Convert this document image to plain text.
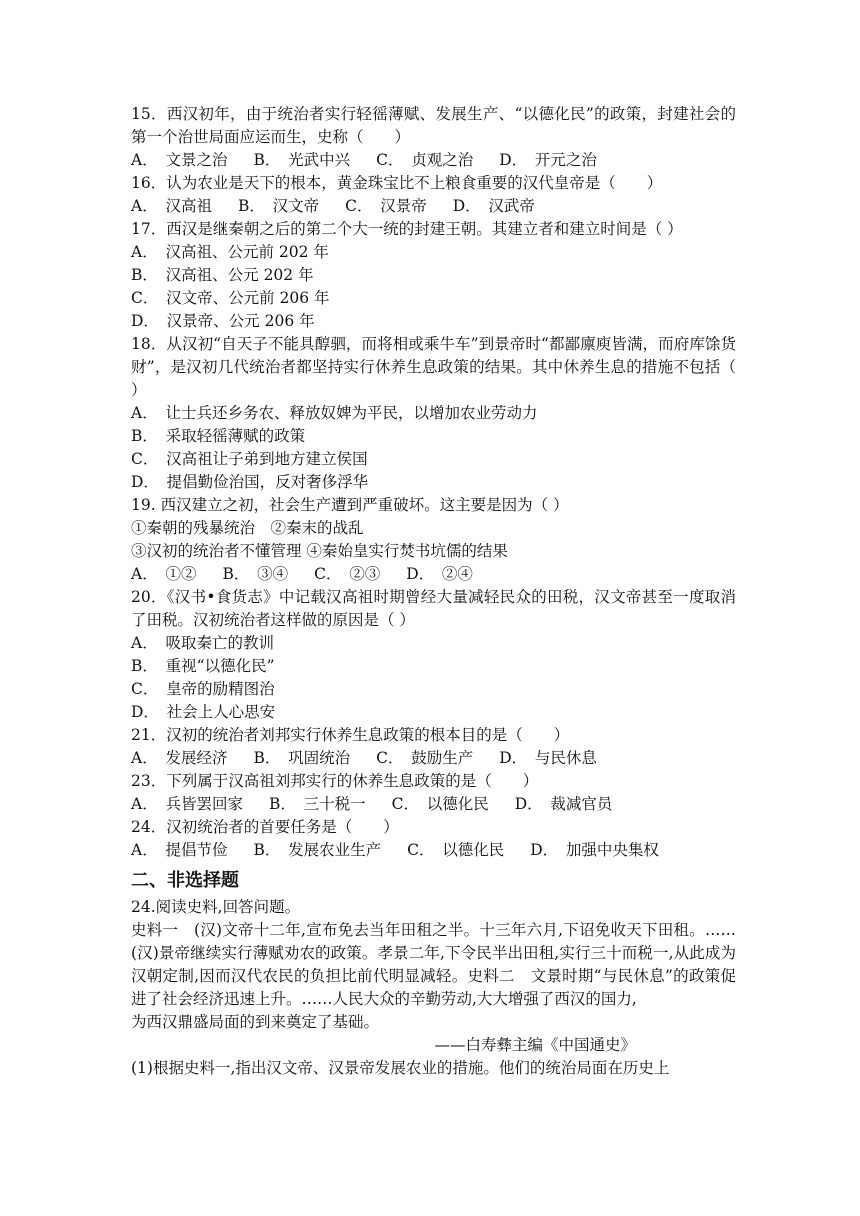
15．西汉初年，由于统治者实行轻徭薄赋、发展生产、“以德化民”的政策，封建社会的第一个治世局面应运而生，史称（　　）
A．　文景之治 B．　光武中兴 C．　贞观之治 D．　开元之治
16．认为农业是天下的根本，黄金珠宝比不上粮食重要的汉代皇帝是（　　）
A．　汉高祖 B．　汉文帝 C．　汉景帝 D．　汉武帝
17．西汉是继秦朝之后的第二个大一统的封建王朝。其建立者和建立时间是（ ）
A．　汉高祖、公元前 202 年
B．　汉高祖、公元 202 年
C．　汉文帝、公元前 206 年
D．　汉景帝、公元 206 年
18．从汉初“自天子不能具醇驷，而将相或乘牛车”到景帝时“都鄙廪庾皆满，而府库馀货财”，是汉初几代统治者都坚持实行休养生息政策的结果。其中休养生息的措施不包括（ ）
A．　让士兵还乡务农、释放奴婢为平民，以增加农业劳动力
B．　采取轻徭薄赋的政策
C．　汉高祖让子弟到地方建立侯国
D．　提倡勤俭治国，反对奢侈浮华
19. 西汉建立之初，社会生产遭到严重破坏。这主要是因为（ ）
①秦朝的残暴统治　②秦末的战乱
③汉初的统治者不懂管理 ④秦始皇实行焚书坑儒的结果
A．　①② B．　③④ C．　②③ D．　②④
20．《汉书•食货志》中记载汉高祖时期曾经大量减轻民众的田税，汉文帝甚至一度取消了田税。汉初统治者这样做的原因是（ ）
A．　吸取秦亡的教训
B．　重视“以德化民”
C．　皇帝的励精图治
D．　社会上人心思安
21．汉初的统治者刘邦实行休养生息政策的根本目的是（　　）
A．　发展经济 B．　巩固统治 C．　鼓励生产 D．　与民休息
23．下列属于汉高祖刘邦实行的休养生息政策的是（　　）
A．　兵皆罢回家 B．　三十税一 C．　以德化民 D．　裁减官员
24．汉初统治者的首要任务是（　　）
A．　提倡节俭 B．　发展农业生产 C．　以德化民 D．　加强中央集权
二、非选择题
24.阅读史料,回答问题。
史料一　(汉)文帝十二年,宣布免去当年田租之半。十三年六月,下诏免收天下田租。……(汉)景帝继续实行薄赋劝农的政策。孝景二年,下令民半出田租,实行三十而税一,从此成为汉朝定制,因而汉代农民的负担比前代明显减轻。史料二　文景时期“与民休息”的政策促进了社会经济迅速上升。……人民大众的辛勤劳动,大大增强了西汉的国力,
为西汉鼎盛局面的到来奠定了基础。
——白寿彝主编《中国通史》
(1)根据史料一,指出汉文帝、汉景帝发展农业的措施。他们的统治局面在历史上
